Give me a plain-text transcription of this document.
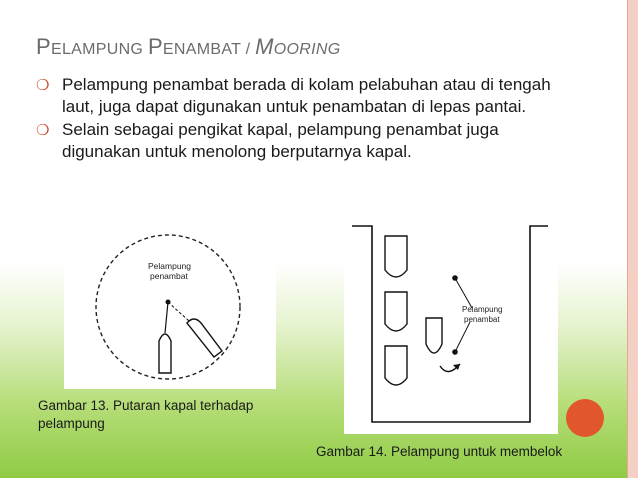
PELAMPUNG PENAMBAT / MOORING
❍ Pelampung penambat berada di kolam pelabuhan atau di tengah laut, juga dapat digunakan untuk penambatan di lepas pantai.
❍ Selain sebagai pengikat kapal, pelampung penambat juga digunakan untuk menolong berputarnya kapal.
Pelampung
penambat
Pelampung
penambat
Gambar 13. Putaran kapal terhadap
pelampung
Gambar 14. Pelampung untuk membelok
